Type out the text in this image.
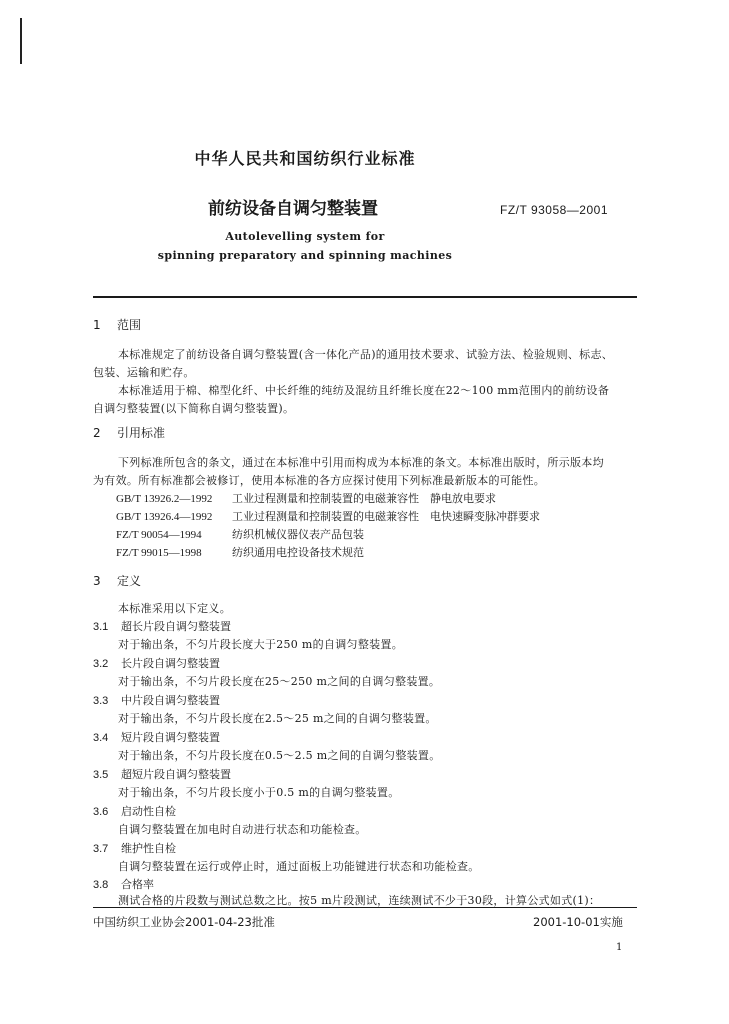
中华人民共和国纺织行业标准
前纺设备自调匀整装置	FZ/T 93058—2001
Autolevelling system for
spinning preparatory and spinning machines
1 范围
本标准规定了前纺设备自调匀整装置(含一体化产品)的通用技术要求、试验方法、检验规则、标志、
包装、运输和贮存。
本标准适用于棉、棉型化纤、中长纤维的纯纺及混纺且纤维长度在22～100 mm范围内的前纺设备
自调匀整装置(以下简称自调匀整装置)。
2 引用标准
下列标准所包含的条文，通过在本标准中引用而构成为本标准的条文。本标准出版时，所示版本均
为有效。所有标准都会被修订，使用本标准的各方应探讨使用下列标准最新版本的可能性。
GB/T 13926.2—1992 工业过程测量和控制装置的电磁兼容性　静电放电要求
GB/T 13926.4—1992 工业过程测量和控制装置的电磁兼容性　电快速瞬变脉冲群要求
FZ/T 90054—1994	纺织机械仪器仪表产品包装
FZ/T 99015—1998	纺织通用电控设备技术规范
3 定义
本标准采用以下定义。
3.1 超长片段自调匀整装置
对于输出条，不匀片段长度大于250 m的自调匀整装置。
3.2 长片段自调匀整装置
对于输出条，不匀片段长度在25～250 m之间的自调匀整装置。
3.3 中片段自调匀整装置
对于输出条，不匀片段长度在2.5～25 m之间的自调匀整装置。
3.4 短片段自调匀整装置
对于输出条，不匀片段长度在0.5～2.5 m之间的自调匀整装置。
3.5 超短片段自调匀整装置
对于输出条，不匀片段长度小于0.5 m的自调匀整装置。
3.6 启动性自检
自调匀整装置在加电时自动进行状态和功能检查。
3.7 维护性自检
自调匀整装置在运行或停止时，通过面板上功能键进行状态和功能检查。
3.8 合格率
测试合格的片段数与测试总数之比。按5 m片段测试，连续测试不少于30段，计算公式如式(1)：
中国纺织工业协会2001-04-23批准	2001-10-01实施
1
